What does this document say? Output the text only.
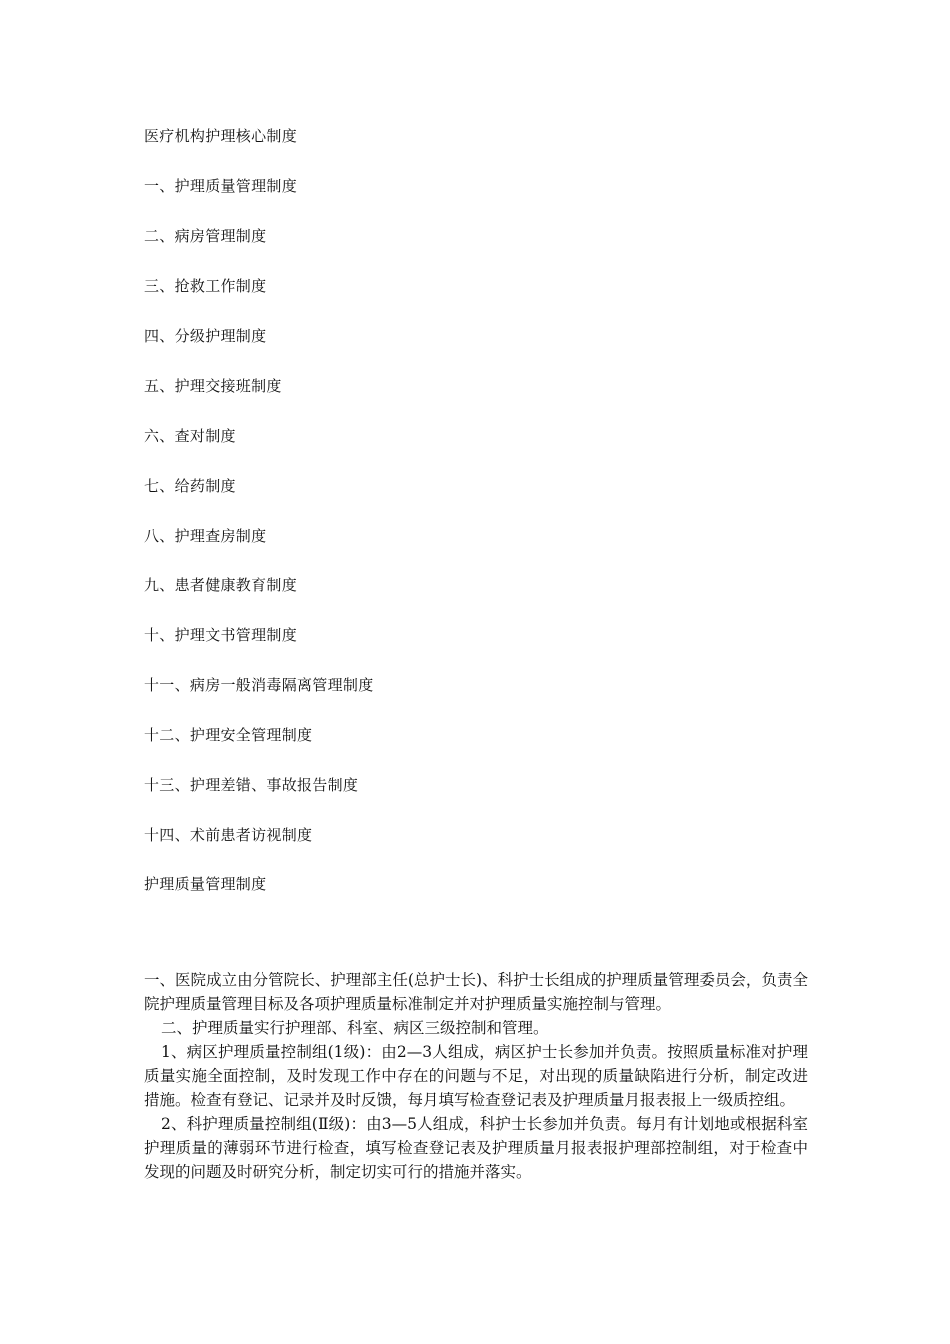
医疗机构护理核心制度
一、护理质量管理制度
二、病房管理制度
三、抢救工作制度
四、分级护理制度
五、护理交接班制度
六、查对制度
七、给药制度
八、护理查房制度
九、患者健康教育制度
十、护理文书管理制度
十一、病房一般消毒隔离管理制度
十二、护理安全管理制度
十三、护理差错、事故报告制度
十四、术前患者访视制度
护理质量管理制度

一、医院成立由分管院长、护理部主任(总护士长)、科护士长组成的护理质量管理委员会，负责全院护理质量管理目标及各项护理质量标准制定并对护理质量实施控制与管理。

二、护理质量实行护理部、科室、病区三级控制和管理。

1、病区护理质量控制组(1级)：由2—3人组成，病区护士长参加并负责。按照质量标准对护理质量实施全面控制，及时发现工作中存在的问题与不足，对出现的质量缺陷进行分析，制定改进措施。检查有登记、记录并及时反馈，每月填写检查登记表及护理质量月报表报上一级质控组。

2、科护理质量控制组(Ⅱ级)：由3—5人组成，科护士长参加并负责。每月有计划地或根据科室护理质量的薄弱环节进行检查，填写检查登记表及护理质量月报表报护理部控制组，对于检查中发现的问题及时研究分析，制定切实可行的措施并落实。
